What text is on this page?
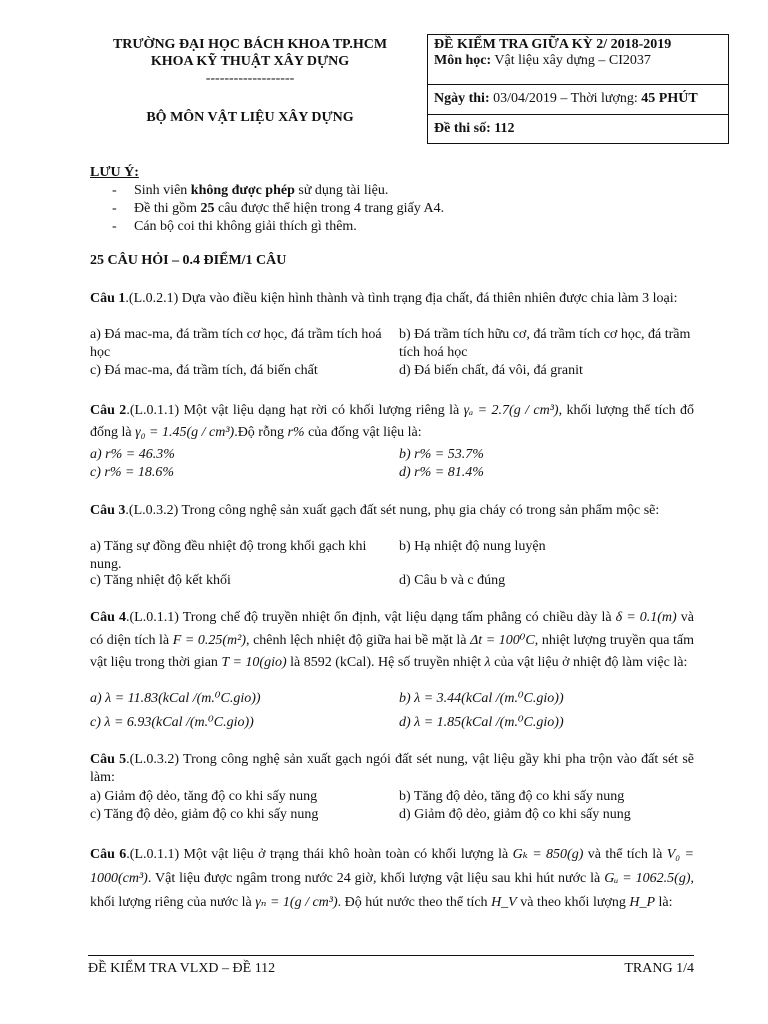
TRƯỜNG ĐẠI HỌC BÁCH KHOA TP.HCM
KHOA KỸ THUẬT XÂY DỰNG
-------------------
BỘ MÔN VẬT LIỆU XÂY DỰNG
ĐỀ KIỂM TRA GIỮA KỲ 2/ 2018-2019
Môn học: Vật liệu xây dựng – CI2037
Ngày thi: 03/04/2019 – Thời lượng: 45 PHÚT
Đề thi số: 112
LƯU Ý:
- Sinh viên không được phép sử dụng tài liệu.
- Đề thi gồm 25 câu được thể hiện trong 4 trang giấy A4.
- Cán bộ coi thi không giải thích gì thêm.
25 CÂU HỎI – 0.4 ĐIỂM/1 CÂU
Câu 1.(L.0.2.1) Dựa vào điều kiện hình thành và tình trạng địa chất, đá thiên nhiên được chia làm 3 loại:
a) Đá mac-ma, đá trầm tích cơ học, đá trầm tích hoá học
b) Đá trầm tích hữu cơ, đá trầm tích cơ học, đá trầm tích hoá học
c) Đá mac-ma, đá trầm tích, đá biến chất	d) Đá biến chất, đá vôi, đá granit
Câu 2.(L.0.1.1) Một vật liệu dạng hạt rời có khối lượng riêng là γₐ = 2.7(g / cm³), khối lượng thể tích đổ đống là γ₀ = 1.45(g / cm³).Độ rỗng r% của đống vật liệu là:
a) r% = 46.3%	b) r% = 53.7%
c) r% = 18.6%	d) r% = 81.4%
Câu 3.(L.0.3.2) Trong công nghệ sản xuất gạch đất sét nung, phụ gia cháy có trong sản phẩm mộc sẽ:
a) Tăng sự đồng đều nhiệt độ trong khối gạch khi nung.
b) Hạ nhiệt độ nung luyện
c) Tăng nhiệt độ kết khối	d) Câu b và c đúng
Câu 4.(L.0.1.1) Trong chế độ truyền nhiệt ổn định, vật liệu dạng tấm phẳng có chiều dày là δ = 0.1(m) và có diện tích là F = 0.25(m²), chênh lệch nhiệt độ giữa hai bề mặt là Δt = 100⁰C, nhiệt lượng truyền qua tấm vật liệu trong thời gian T = 10(gio) là 8592 (kCal). Hệ số truyền nhiệt λ của vật liệu ở nhiệt độ làm việc là:
a) λ = 11.83(kCal /(m.⁰C.gio))	b) λ = 3.44(kCal /(m.⁰C.gio))
c) λ = 6.93(kCal /(m.⁰C.gio))	d) λ = 1.85(kCal /(m.⁰C.gio))
Câu 5.(L.0.3.2) Trong công nghệ sản xuất gạch ngói đất sét nung, vật liệu gầy khi pha trộn vào đất sét sẽ làm:
a) Giảm độ dẻo, tăng độ co khi sấy nung	b) Tăng độ dẻo, tăng độ co khi sấy nung
c) Tăng độ dẻo, giảm độ co khi sấy nung	d) Giảm độ dẻo, giảm độ co khi sấy nung
Câu 6.(L.0.1.1) Một vật liệu ở trạng thái khô hoàn toàn có khối lượng là Gₖ = 850(g) và thể tích là V₀ = 1000(cm³). Vật liệu được ngâm trong nước 24 giờ, khối lượng vật liệu sau khi hút nước là Gᵤ = 1062.5(g), khối lượng riêng của nước là γₙ = 1(g / cm³). Độ hút nước theo thể tích H_V và theo khối lượng H_P là:
ĐỀ KIỂM TRA VLXD – ĐỀ 112	TRANG 1/4
